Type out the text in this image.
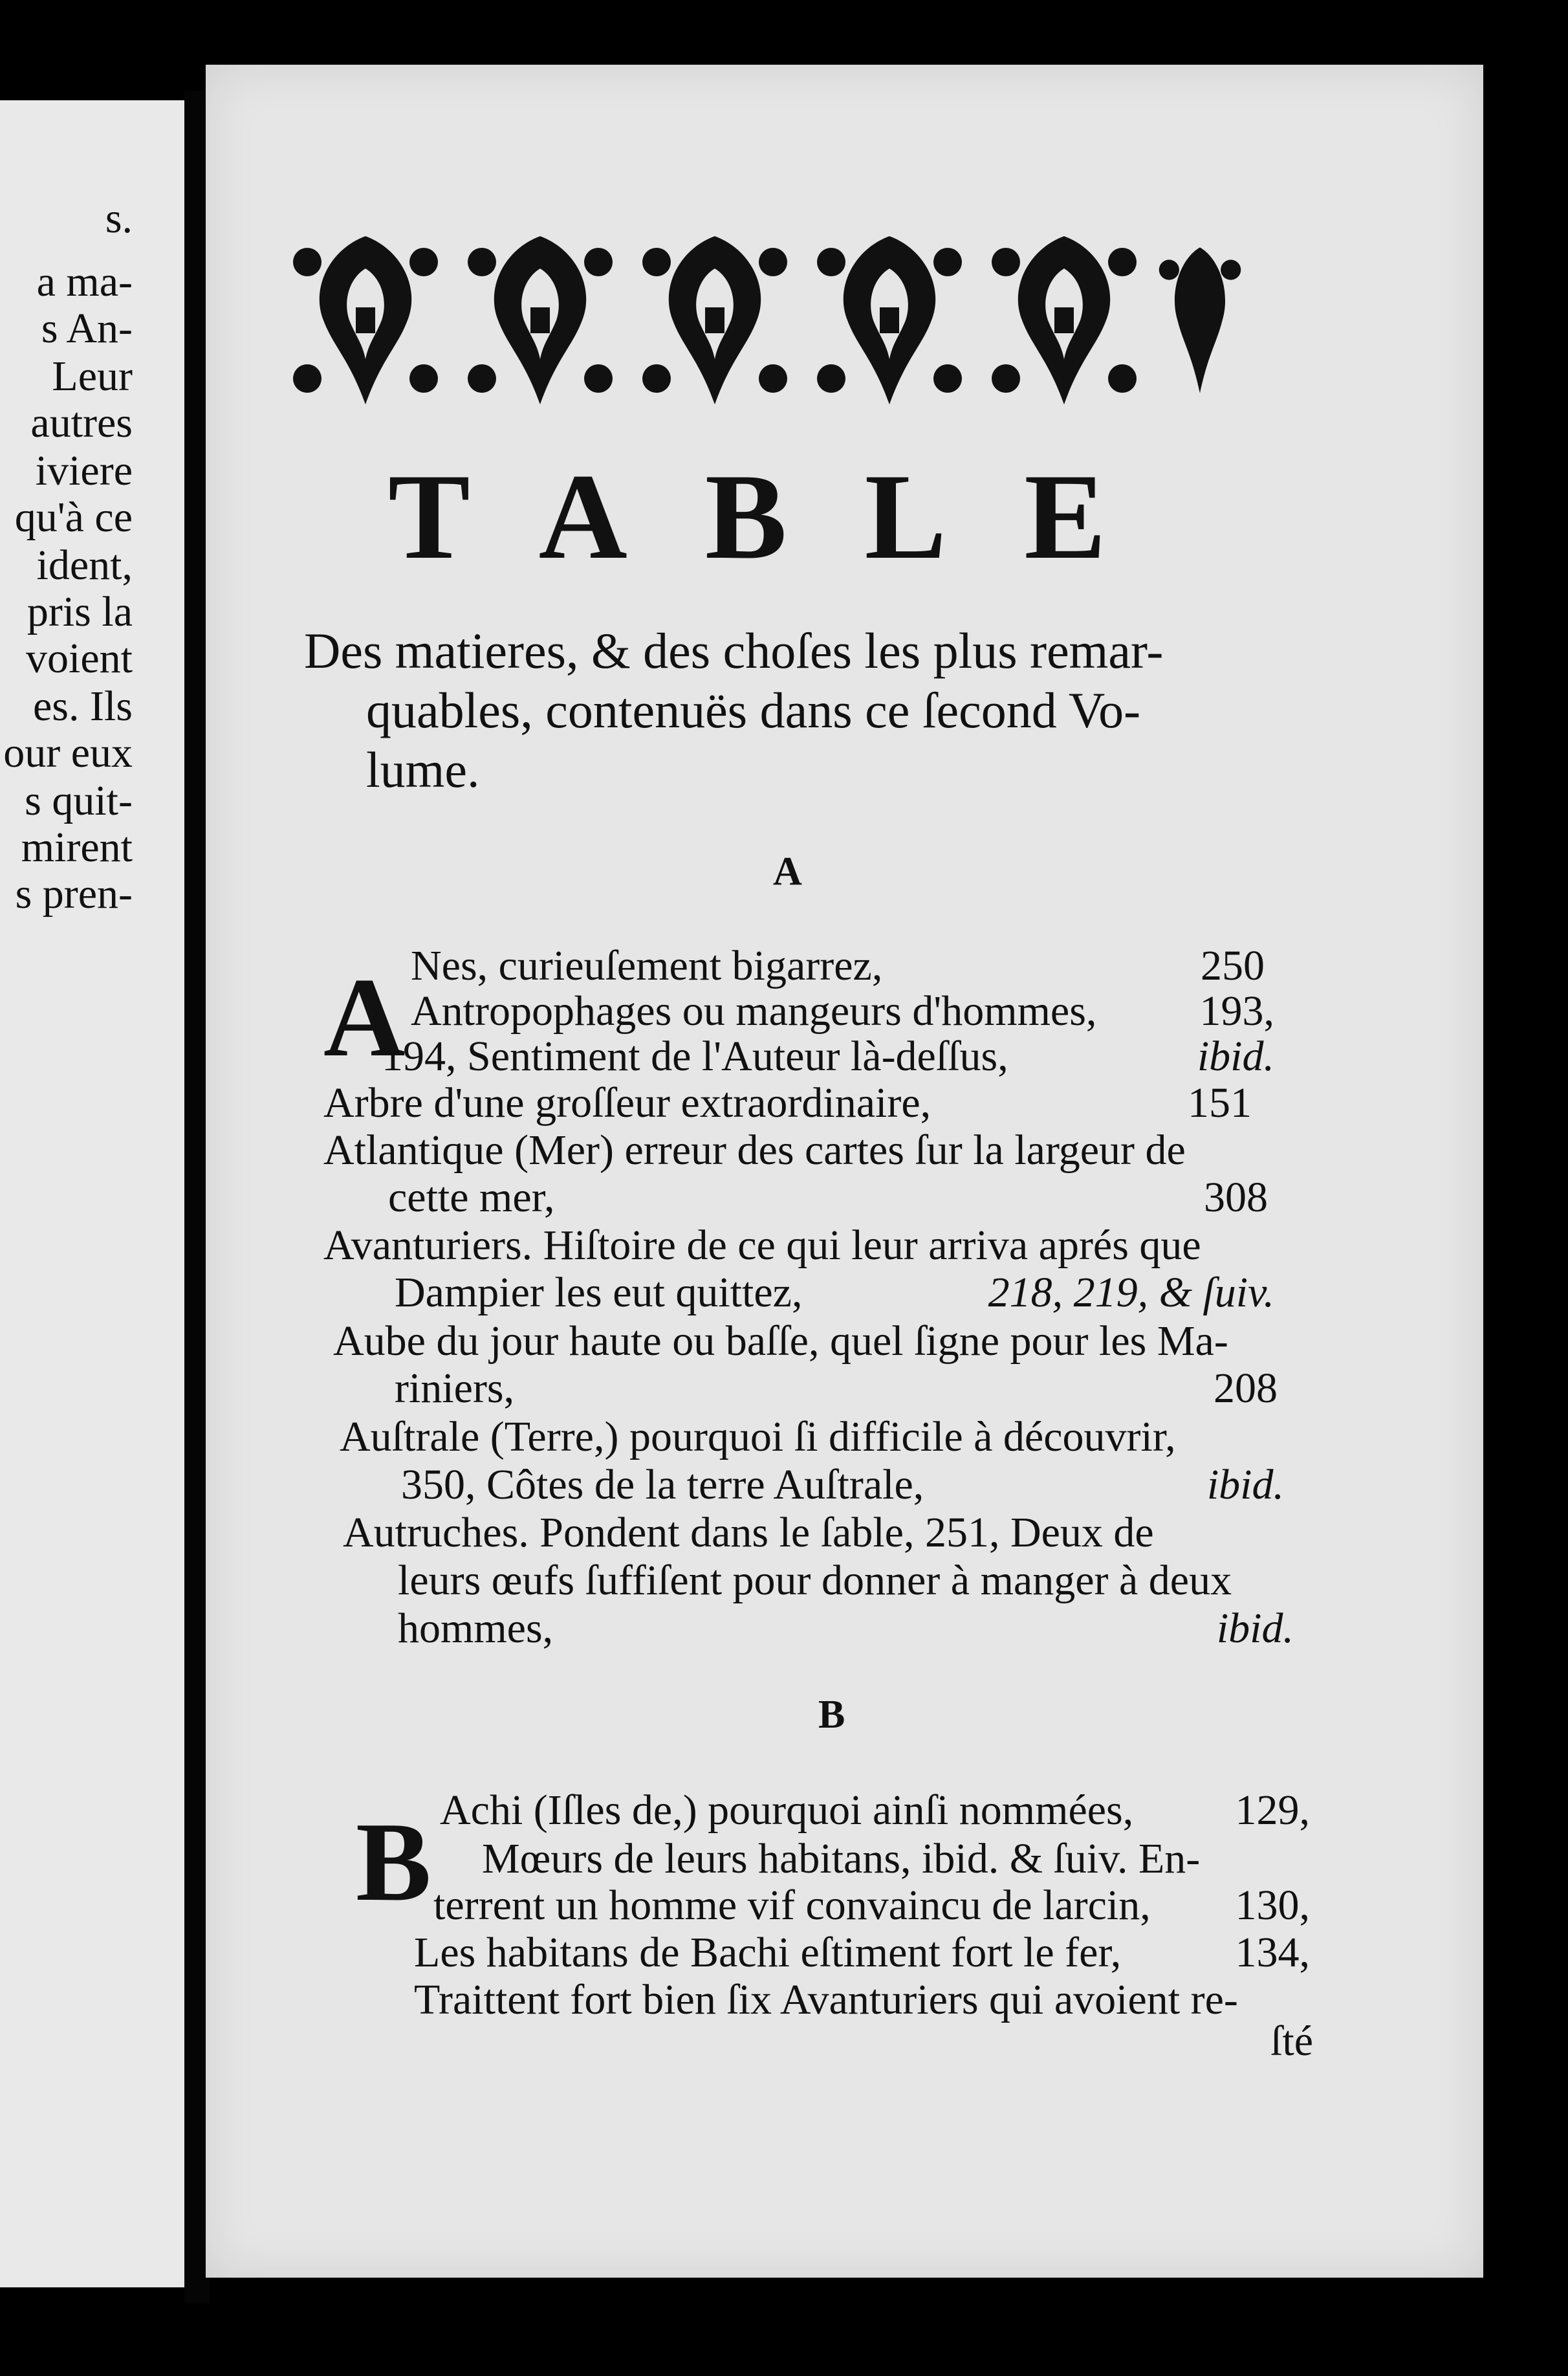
s.
a ma-
s An-
Leur
autres
iviere
qu'à ce
ident,
pris la
voient
es. Ils
our eux
s quit-
mirent
s pren-
TABLE
Des matieres, & des choſes les plus remar-
quables, contenuës dans ce ſecond Vo-
lume.
A
A Nes, curieuſement bigarrez,	250
Antropophages ou mangeurs d'hommes, 193,
194, Sentiment de l'Auteur là-deſſus,	ibid.
Arbre d'une groſſeur extraordinaire,	151
Atlantique (Mer) erreur des cartes ſur la largeur de
cette mer,	308
Avanturiers. Hiſtoire de ce qui leur arriva aprés que
Dampier les eut quittez,	218, 219, & ſuiv.
Aube du jour haute ou baſſe, quel ſigne pour les Ma-
riniers,	208
Auſtrale (Terre,) pourquoi ſi difficile à découvrir,
350, Côtes de la terre Auſtrale,	ibid.
Autruches. Pondent dans le ſable, 251, Deux de
leurs œufs ſuffiſent pour donner à manger à deux
hommes,	ibid.
B
B Achi (Iſles de,) pourquoi ainſi nommées, 129,
Mœurs de leurs habitans, ibid. & ſuiv. En-
terrent un homme vif convaincu de larcin, 130,
Les habitans de Bachi eſtiment fort le fer,	134,
Traittent fort bien ſix Avanturiers qui avoient re-
ſté
